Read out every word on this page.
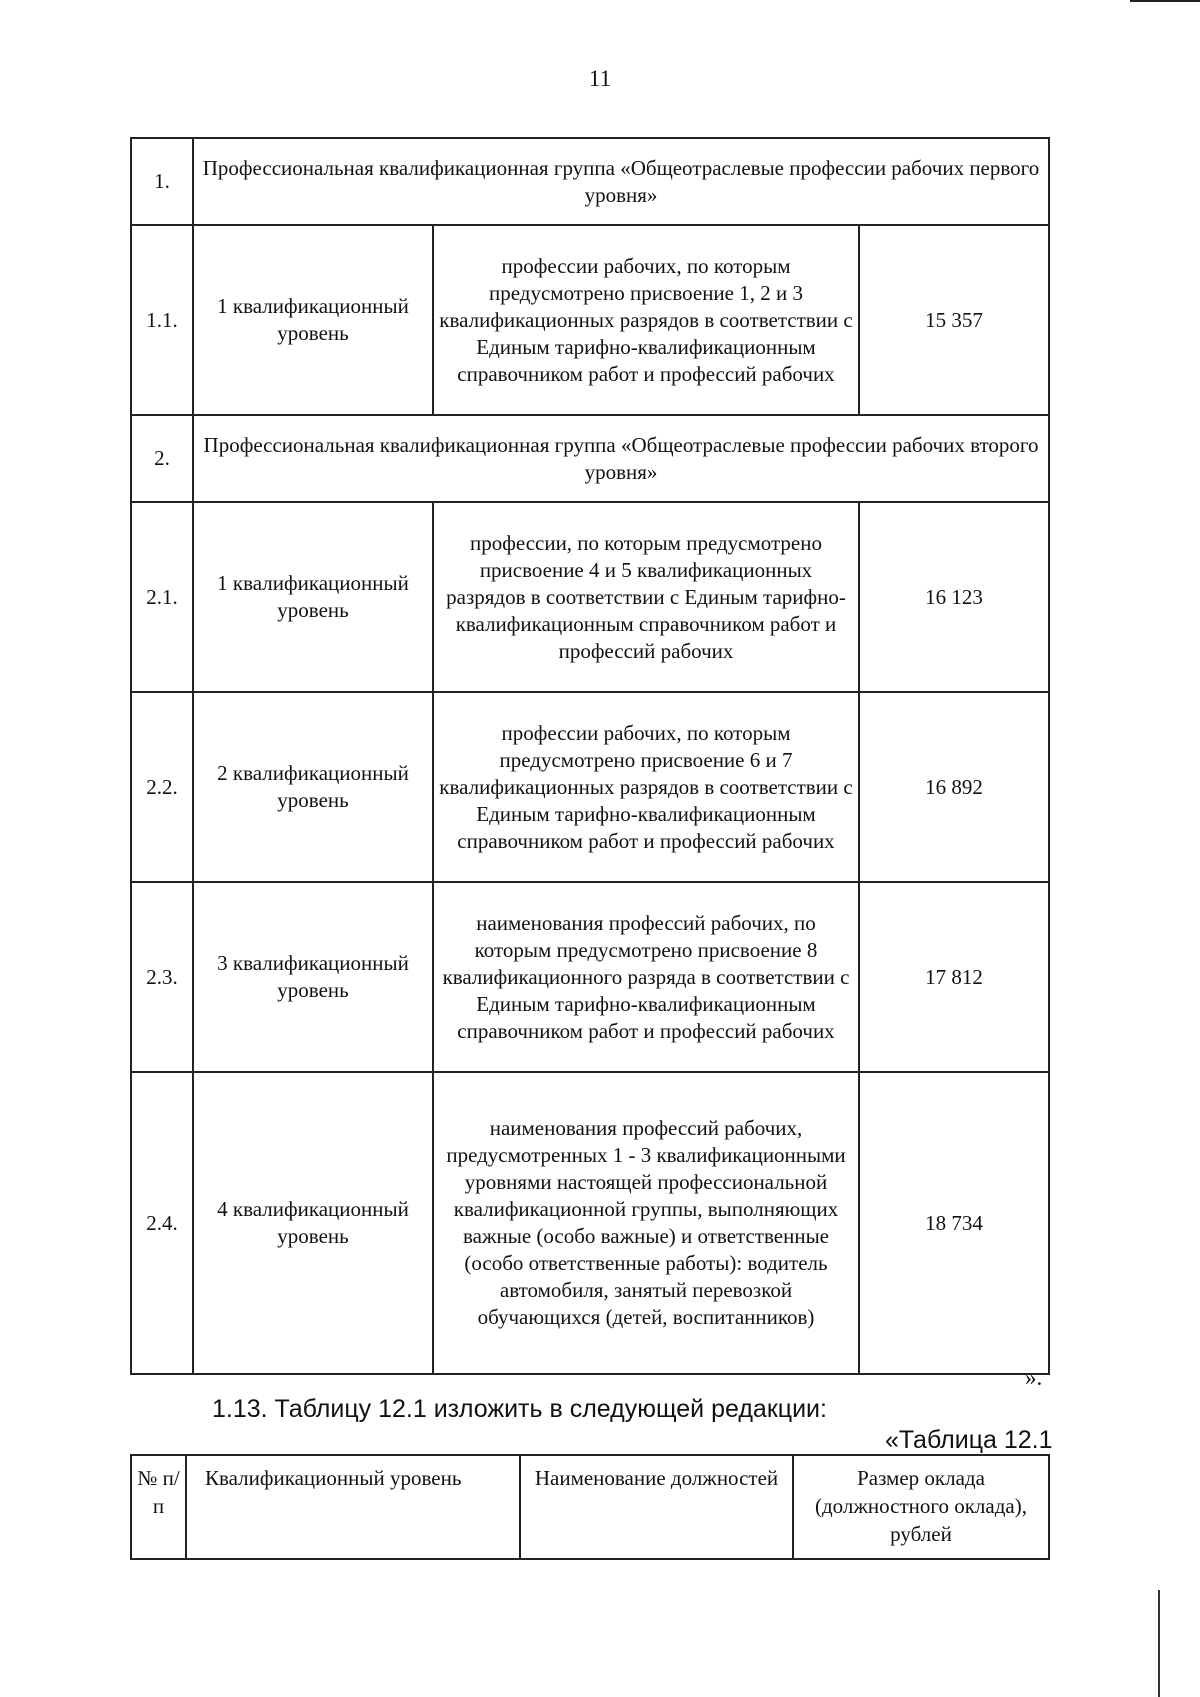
11
1.	Профессиональная квалификационная группа «Общеотраслевые профессии рабочих первого уровня»		
1.1.	1 квалификационный уровень	профессии рабочих, по которым предусмотрено присвоение 1, 2 и 3 квалификационных разрядов в соответствии с Единым тарифно-квалификационным справочником работ и профессий рабочих	15 357
2.	Профессиональная квалификационная группа «Общеотраслевые профессии рабочих второго уровня»		
2.1.	1 квалификационный уровень	профессии, по которым предусмотрено присвоение 4 и 5 квалификационных разрядов в соответствии с Единым тарифно-квалификационным справочником работ и профессий рабочих	16 123
2.2.	2 квалификационный уровень	профессии рабочих, по которым предусмотрено присвоение 6 и 7 квалификационных разрядов в соответствии с Единым тарифно-квалификационным справочником работ и профессий рабочих	16 892
2.3.	3 квалификационный уровень	наименования профессий рабочих, по которым предусмотрено присвоение 8 квалификационного разряда в соответствии с Единым тарифно-квалификационным справочником работ и профессий рабочих	17 812
2.4.	4 квалификационный уровень	наименования профессий рабочих, предусмотренных 1 - 3 квалификационными уровнями настоящей профессиональной квалификационной группы, выполняющих важные (особо важные) и ответственные (особо ответственные работы): водитель автомобиля, занятый перевозкой обучающихся (детей, воспитанников)	18 734
».
1.13. Таблицу 12.1 изложить в следующей редакции:
«Таблица 12.1
№ п/п	Квалификационный уровень	Наименование должностей	Размер оклада (должностного оклада), рублей
